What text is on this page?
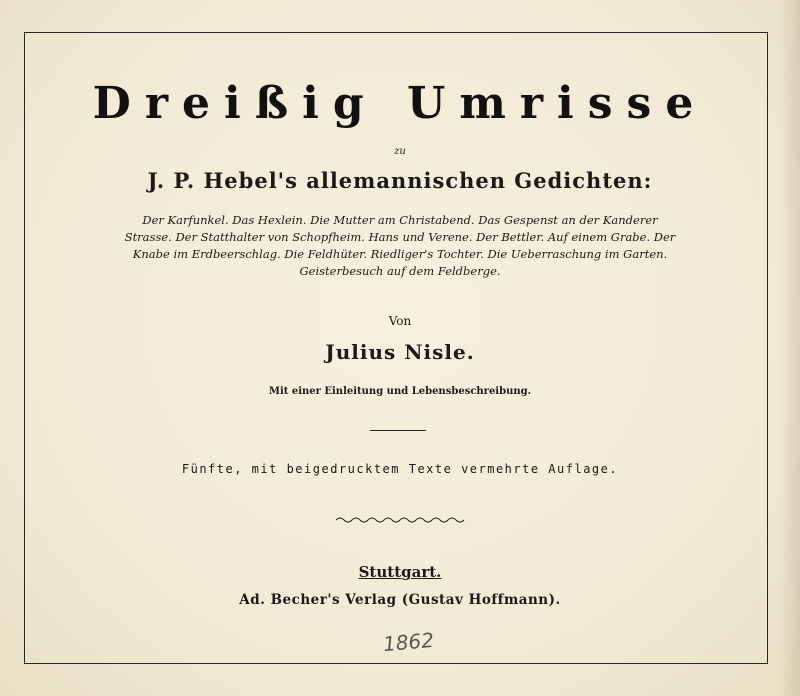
Dreißig Umrisse
zu
J. P. Hebel's allemannischen Gedichten:
Der Karfunkel. Das Hexlein. Die Mutter am Christabend. Das Gespenst an der Kanderer Strasse. Der Statthalter von Schopfheim. Hans und Verene. Der Bettler. Auf einem Grabe. Der Knabe im Erdbeerschlag. Die Feldhüter. Riedliger's Tochter. Die Ueberraschung im Garten. Geisterbesuch auf dem Feldberge.
Von
Julius Nisle.
Mit einer Einleitung und Lebensbeschreibung.
Fünfte, mit beigedrucktem Texte vermehrte Auflage.
Stuttgart.
Ad. Becher's Verlag (Gustav Hoffmann).
1862
